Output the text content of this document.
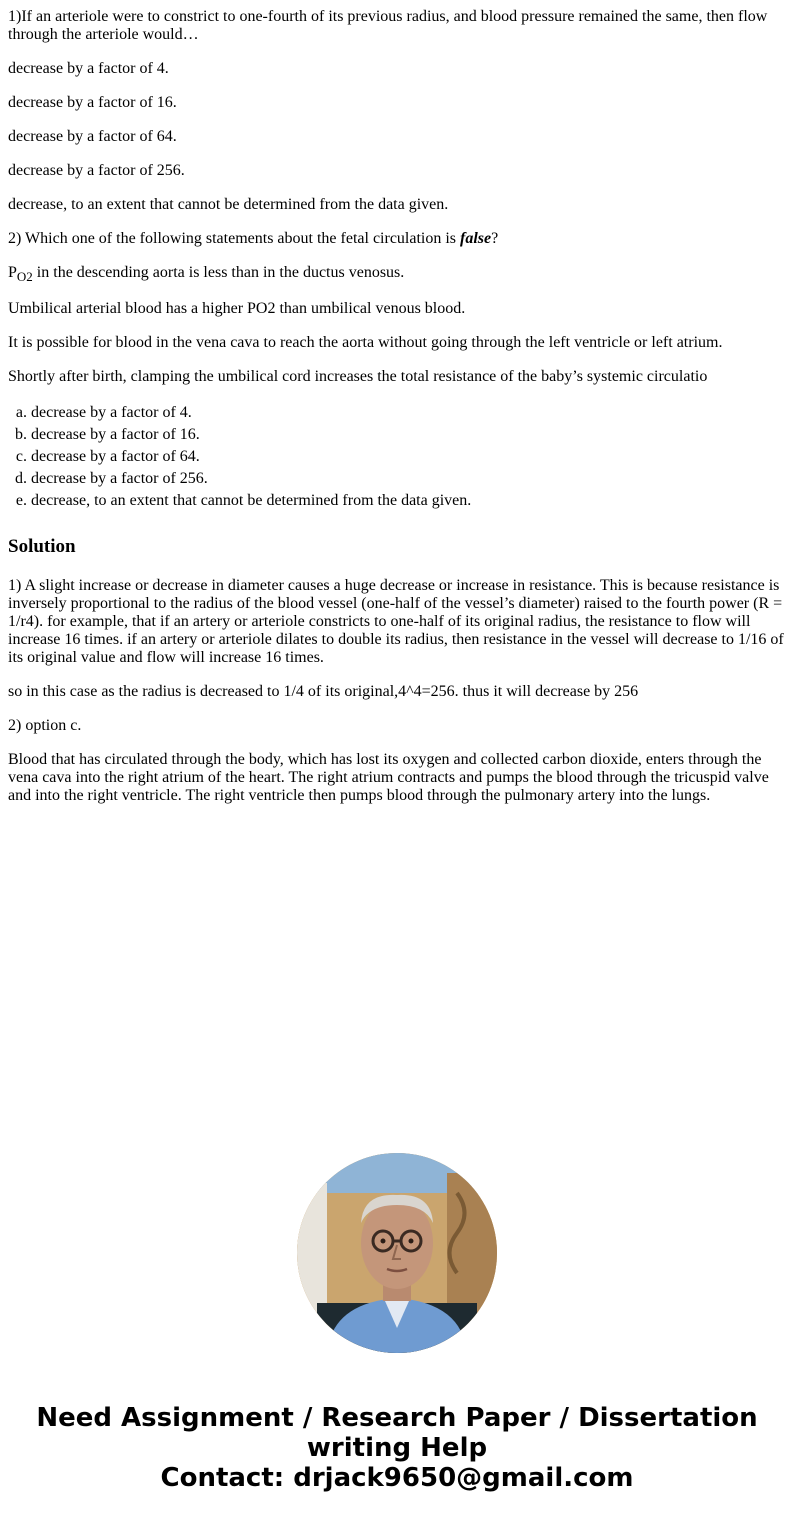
1)If an arteriole were to constrict to one-fourth of its previous radius, and blood pressure remained the same, then flow through the arteriole would…

decrease by a factor of 4.

decrease by a factor of 16.

decrease by a factor of 64.

decrease by a factor of 256.

decrease, to an extent that cannot be determined from the data given.

2) Which one of the following statements about the fetal circulation is false?

$P_{O2}$ in the descending aorta is less than in the ductus venosus.

Umbilical arterial blood has a higher PO2 than umbilical venous blood.

It is possible for blood in the vena cava to reach the aorta without going through the left ventricle or left atrium.

Shortly after birth, clamping the umbilical cord increases the total resistance of the baby’s systemic circulatio

a. decrease by a factor of 4.
b. decrease by a factor of 16.
c. decrease by a factor of 64.
d. decrease by a factor of 256.
e. decrease, to an extent that cannot be determined from the data given.
Solution

1) A slight increase or decrease in diameter causes a huge decrease or increase in resistance. This is because resistance is inversely proportional to the radius of the blood vessel (one-half of the vessel’s diameter) raised to the fourth power (R = 1/r4). for example, that if an artery or arteriole constricts to one-half of its original radius, the resistance to flow will increase 16 times. if an artery or arteriole dilates to double its radius, then resistance in the vessel will decrease to 1/16 of its original value and flow will increase 16 times.

so in this case as the radius is decreased to 1/4 of its original,4^4=256. thus it will decrease by 256

2) option c.

Blood that has circulated through the body, which has lost its oxygen and collected carbon dioxide, enters through the vena cava into the right atrium of the heart. The right atrium contracts and pumps the blood through the tricuspid valve and into the right ventricle. The right ventricle then pumps blood through the pulmonary artery into the lungs.

Need Assignment / Research Paper / Dissertation writing Help
Contact: drjack9650@gmail.com
